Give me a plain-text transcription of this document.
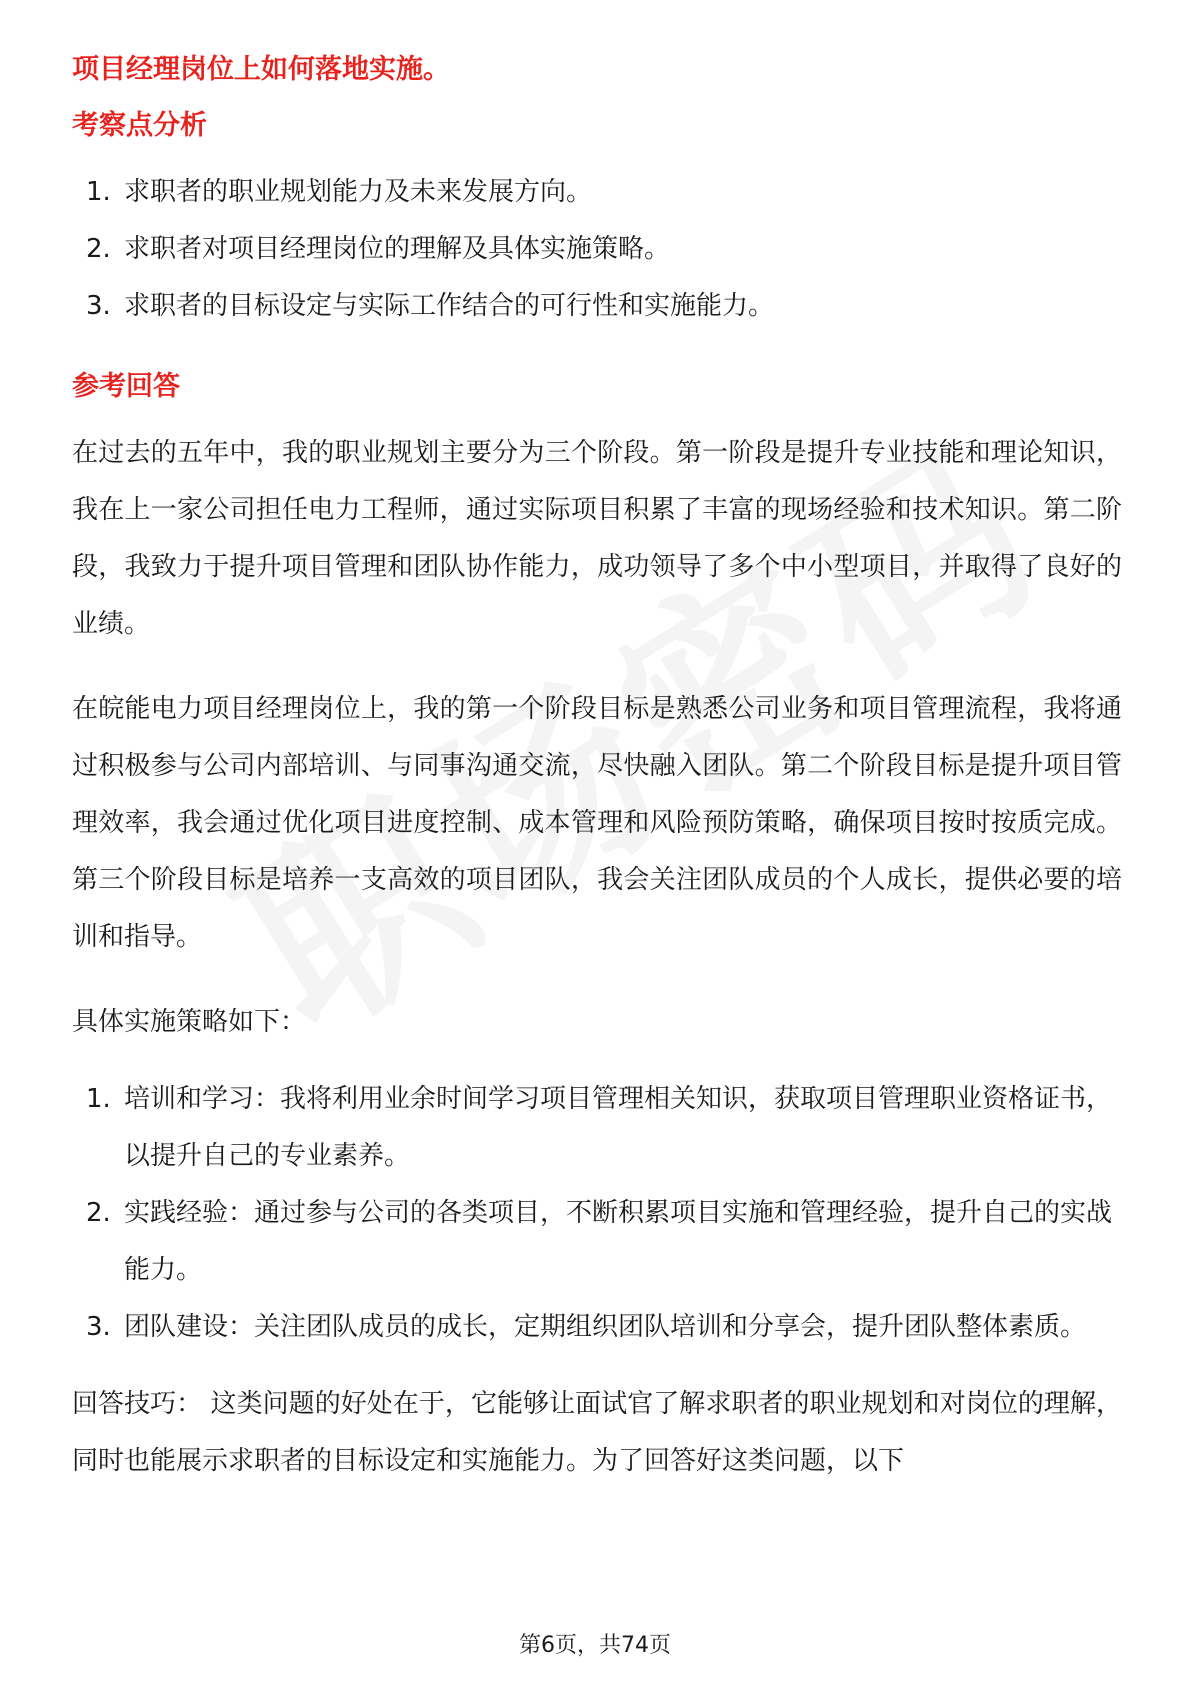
项目经理岗位上如何落地实施。

考察点分析

1. 求职者的职业规划能力及未来发展方向。
2. 求职者对项目经理岗位的理解及具体实施策略。
3. 求职者的目标设定与实际工作结合的可行性和实施能力。

参考回答

在过去的五年中，我的职业规划主要分为三个阶段。第一阶段是提升专业技能和理论知识，我在上一家公司担任电力工程师，通过实际项目积累了丰富的现场经验和技术知识。第二阶段，我致力于提升项目管理和团队协作能力，成功领导了多个中小型项目，并取得了良好的业绩。

在皖能电力项目经理岗位上，我的第一个阶段目标是熟悉公司业务和项目管理流程，我将通过积极参与公司内部培训、与同事沟通交流，尽快融入团队。第二个阶段目标是提升项目管理效率，我会通过优化项目进度控制、成本管理和风险预防策略，确保项目按时按质完成。第三个阶段目标是培养一支高效的项目团队，我会关注团队成员的个人成长，提供必要的培训和指导。

具体实施策略如下：

1. 培训和学习：我将利用业余时间学习项目管理相关知识，获取项目管理职业资格证书，以提升自己的专业素养。
2. 实践经验：通过参与公司的各类项目，不断积累项目实施和管理经验，提升自己的实战能力。
3. 团队建设：关注团队成员的成长，定期组织团队培训和分享会，提升团队整体素质。

回答技巧： 这类问题的好处在于，它能够让面试官了解求职者的职业规划和对岗位的理解，同时也能展示求职者的目标设定和实施能力。为了回答好这类问题，以下

第6页，共74页
